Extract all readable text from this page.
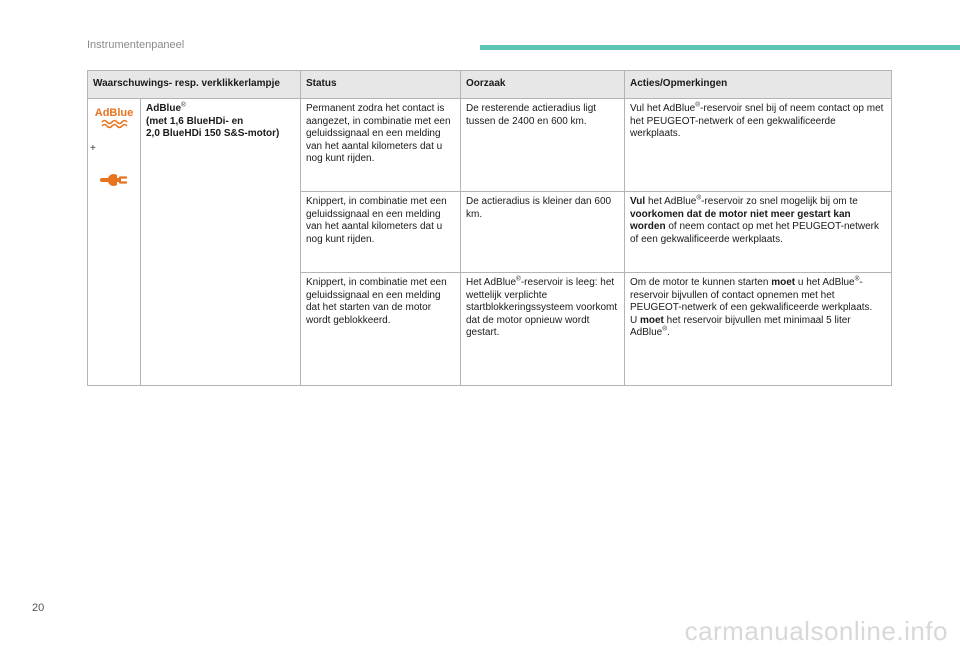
Instrumentenpaneel
Waarschuwings- resp. verklikkerlampje		Status	Oorzaak	Acties/Opmerkingen

AdBlue
+	AdBlue®
(met 1,6 BlueHDi- en
2,0 BlueHDi 150 S&S-motor)	Permanent zodra het contact is aangezet, in combinatie met een geluidssignaal en een melding van het aantal kilometers dat u nog kunt rijden.	De resterende actieradius ligt tussen de 2400 en 600 km.	Vul het AdBlue®-reservoir snel bij of neem contact op met het PEUGEOT-netwerk of een gekwalificeerde werkplaats.
		Knippert, in combinatie met een geluidssignaal en een melding van het aantal kilometers dat u nog kunt rijden.	De actieradius is kleiner dan 600 km.	Vul het AdBlue®-reservoir zo snel mogelijk bij om te voorkomen dat de motor niet meer gestart kan worden of neem contact op met het PEUGEOT-netwerk of een gekwalificeerde werkplaats.
		Knippert, in combinatie met een geluidssignaal en een melding dat het starten van de motor wordt geblokkeerd.	Het AdBlue®-reservoir is leeg: het wettelijk verplichte startblokkeringssysteem voorkomt dat de motor opnieuw wordt gestart.	Om de motor te kunnen starten moet u het AdBlue®-reservoir bijvullen of contact opnemen met het PEUGEOT-netwerk of een gekwalificeerde werkplaats.
U moet het reservoir bijvullen met minimaal 5 liter AdBlue®.
20
carmanualsonline.info
